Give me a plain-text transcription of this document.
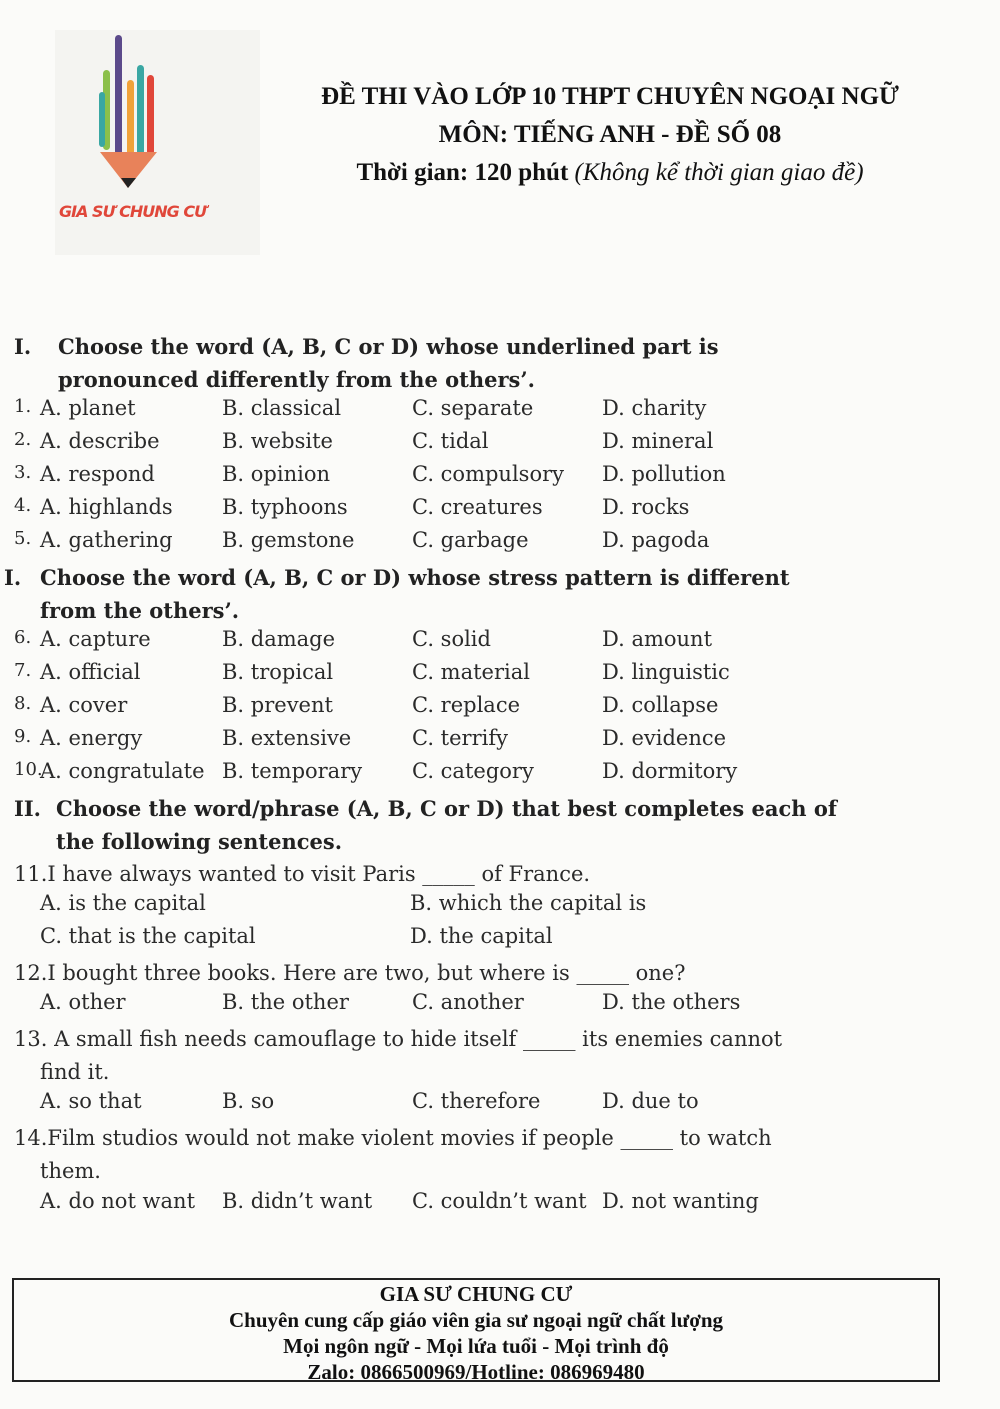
GIA SƯ CHUNG CƯ
ĐỀ THI VÀO LỚP 10 THPT CHUYÊN NGOẠI NGỮ
MÔN: TIẾNG ANH - ĐỀ SỐ 08
Thời gian: 120 phút (Không kể thời gian giao đề)
I. Choose the word (A, B, C or D) whose underlined part is
pronounced differently from the others’.
1. A. planet	B. classical	C. separate	D. charity
2. A. describe	B. website	C. tidal	D. mineral
3. A. respond	B. opinion	C. compulsory D. pollution
4. A. highlands B. typhoons	C. creatures	D. rocks
5. A. gathering B. gemstone	C. garbage	D. pagoda
I. Choose the word (A, B, C or D) whose stress pattern is different
from the others’.
6. A. capture	B. damage	C. solid	D. amount
7. A. official	B. tropical	C. material	D. linguistic
8. A. cover	B. prevent	C. replace	D. collapse
9. A. energy	B. extensive	C. terrify	D. evidence
10.
A. congratulate B. temporary C. category	D. dormitory
II. Choose the word/phrase (A, B, C or D) that best completes each of
the following sentences.
11.I have always wanted to visit Paris _____ of France.
A. is the capital	B. which the capital is
C. that is the capital	D. the capital
12.I bought three books. Here are two, but where is _____ one?
A. other	B. the other	C. another	D. the others
13. A small fish needs camouflage to hide itself _____ its enemies cannot
find it.
A. so that	B. so	C. therefore	D. due to
14.Film studios would not make violent movies if people _____ to watch
them.
A. do not want B. didn’t want C. couldn’t want D. not wanting
GIA SƯ CHUNG CƯ
Chuyên cung cấp giáo viên gia sư ngoại ngữ chất lượng
Mọi ngôn ngữ - Mọi lứa tuổi - Mọi trình độ
Zalo: 0866500969/Hotline: 086969480
